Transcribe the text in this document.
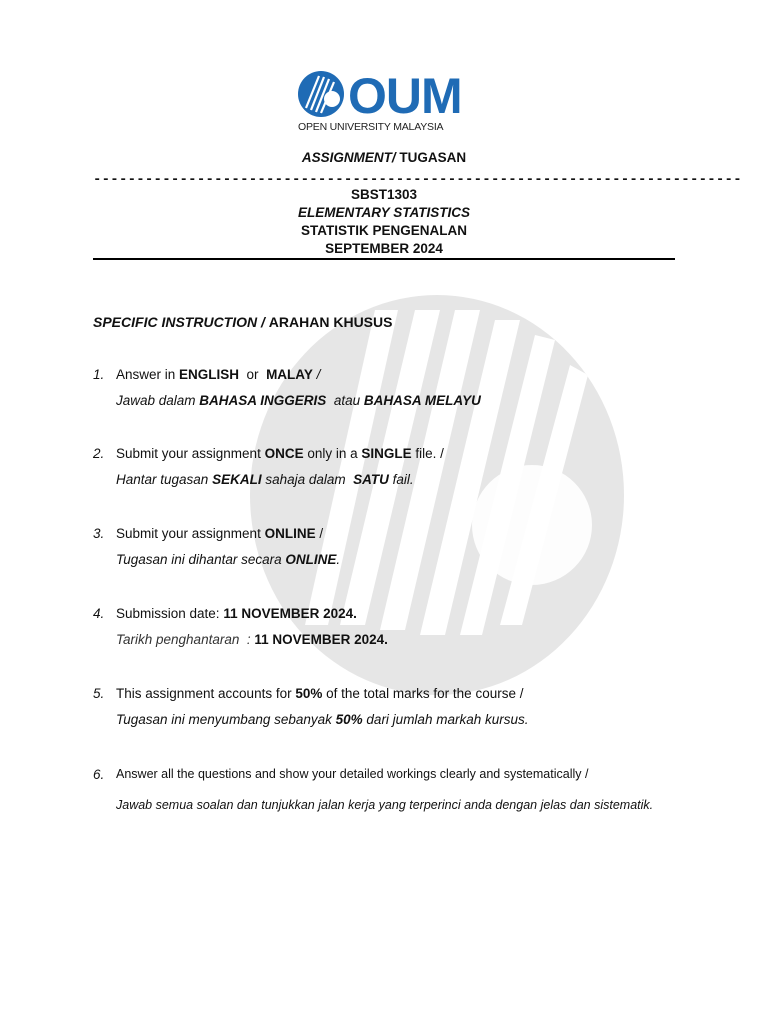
OUM
OPEN UNIVERSITY MALAYSIA
ASSIGNMENT/ TUGASAN
---------------------------------------------------------------------------
SBST1303
ELEMENTARY STATISTICS
STATISTIK PENGENALAN
SEPTEMBER 2024
SPECIFIC INSTRUCTION / ARAHAN KHUSUS
1. Answer in ENGLISH  or  MALAY /
Jawab dalam BAHASA INGGERIS  atau BAHASA MELAYU
2. Submit your assignment ONCE only in a SINGLE file. /
Hantar tugasan SEKALI sahaja dalam  SATU fail.
3. Submit your assignment ONLINE /
Tugasan ini dihantar secara ONLINE.
4. Submission date: 11 NOVEMBER 2024.
Tarikh penghantaran  : 11 NOVEMBER 2024.
5. This assignment accounts for 50% of the total marks for the course /
Tugasan ini menyumbang sebanyak 50% dari jumlah markah kursus.
6. Answer all the questions and show your detailed workings clearly and systematically /
Jawab semua soalan dan tunjukkan jalan kerja yang terperinci anda dengan jelas dan sistematik.
